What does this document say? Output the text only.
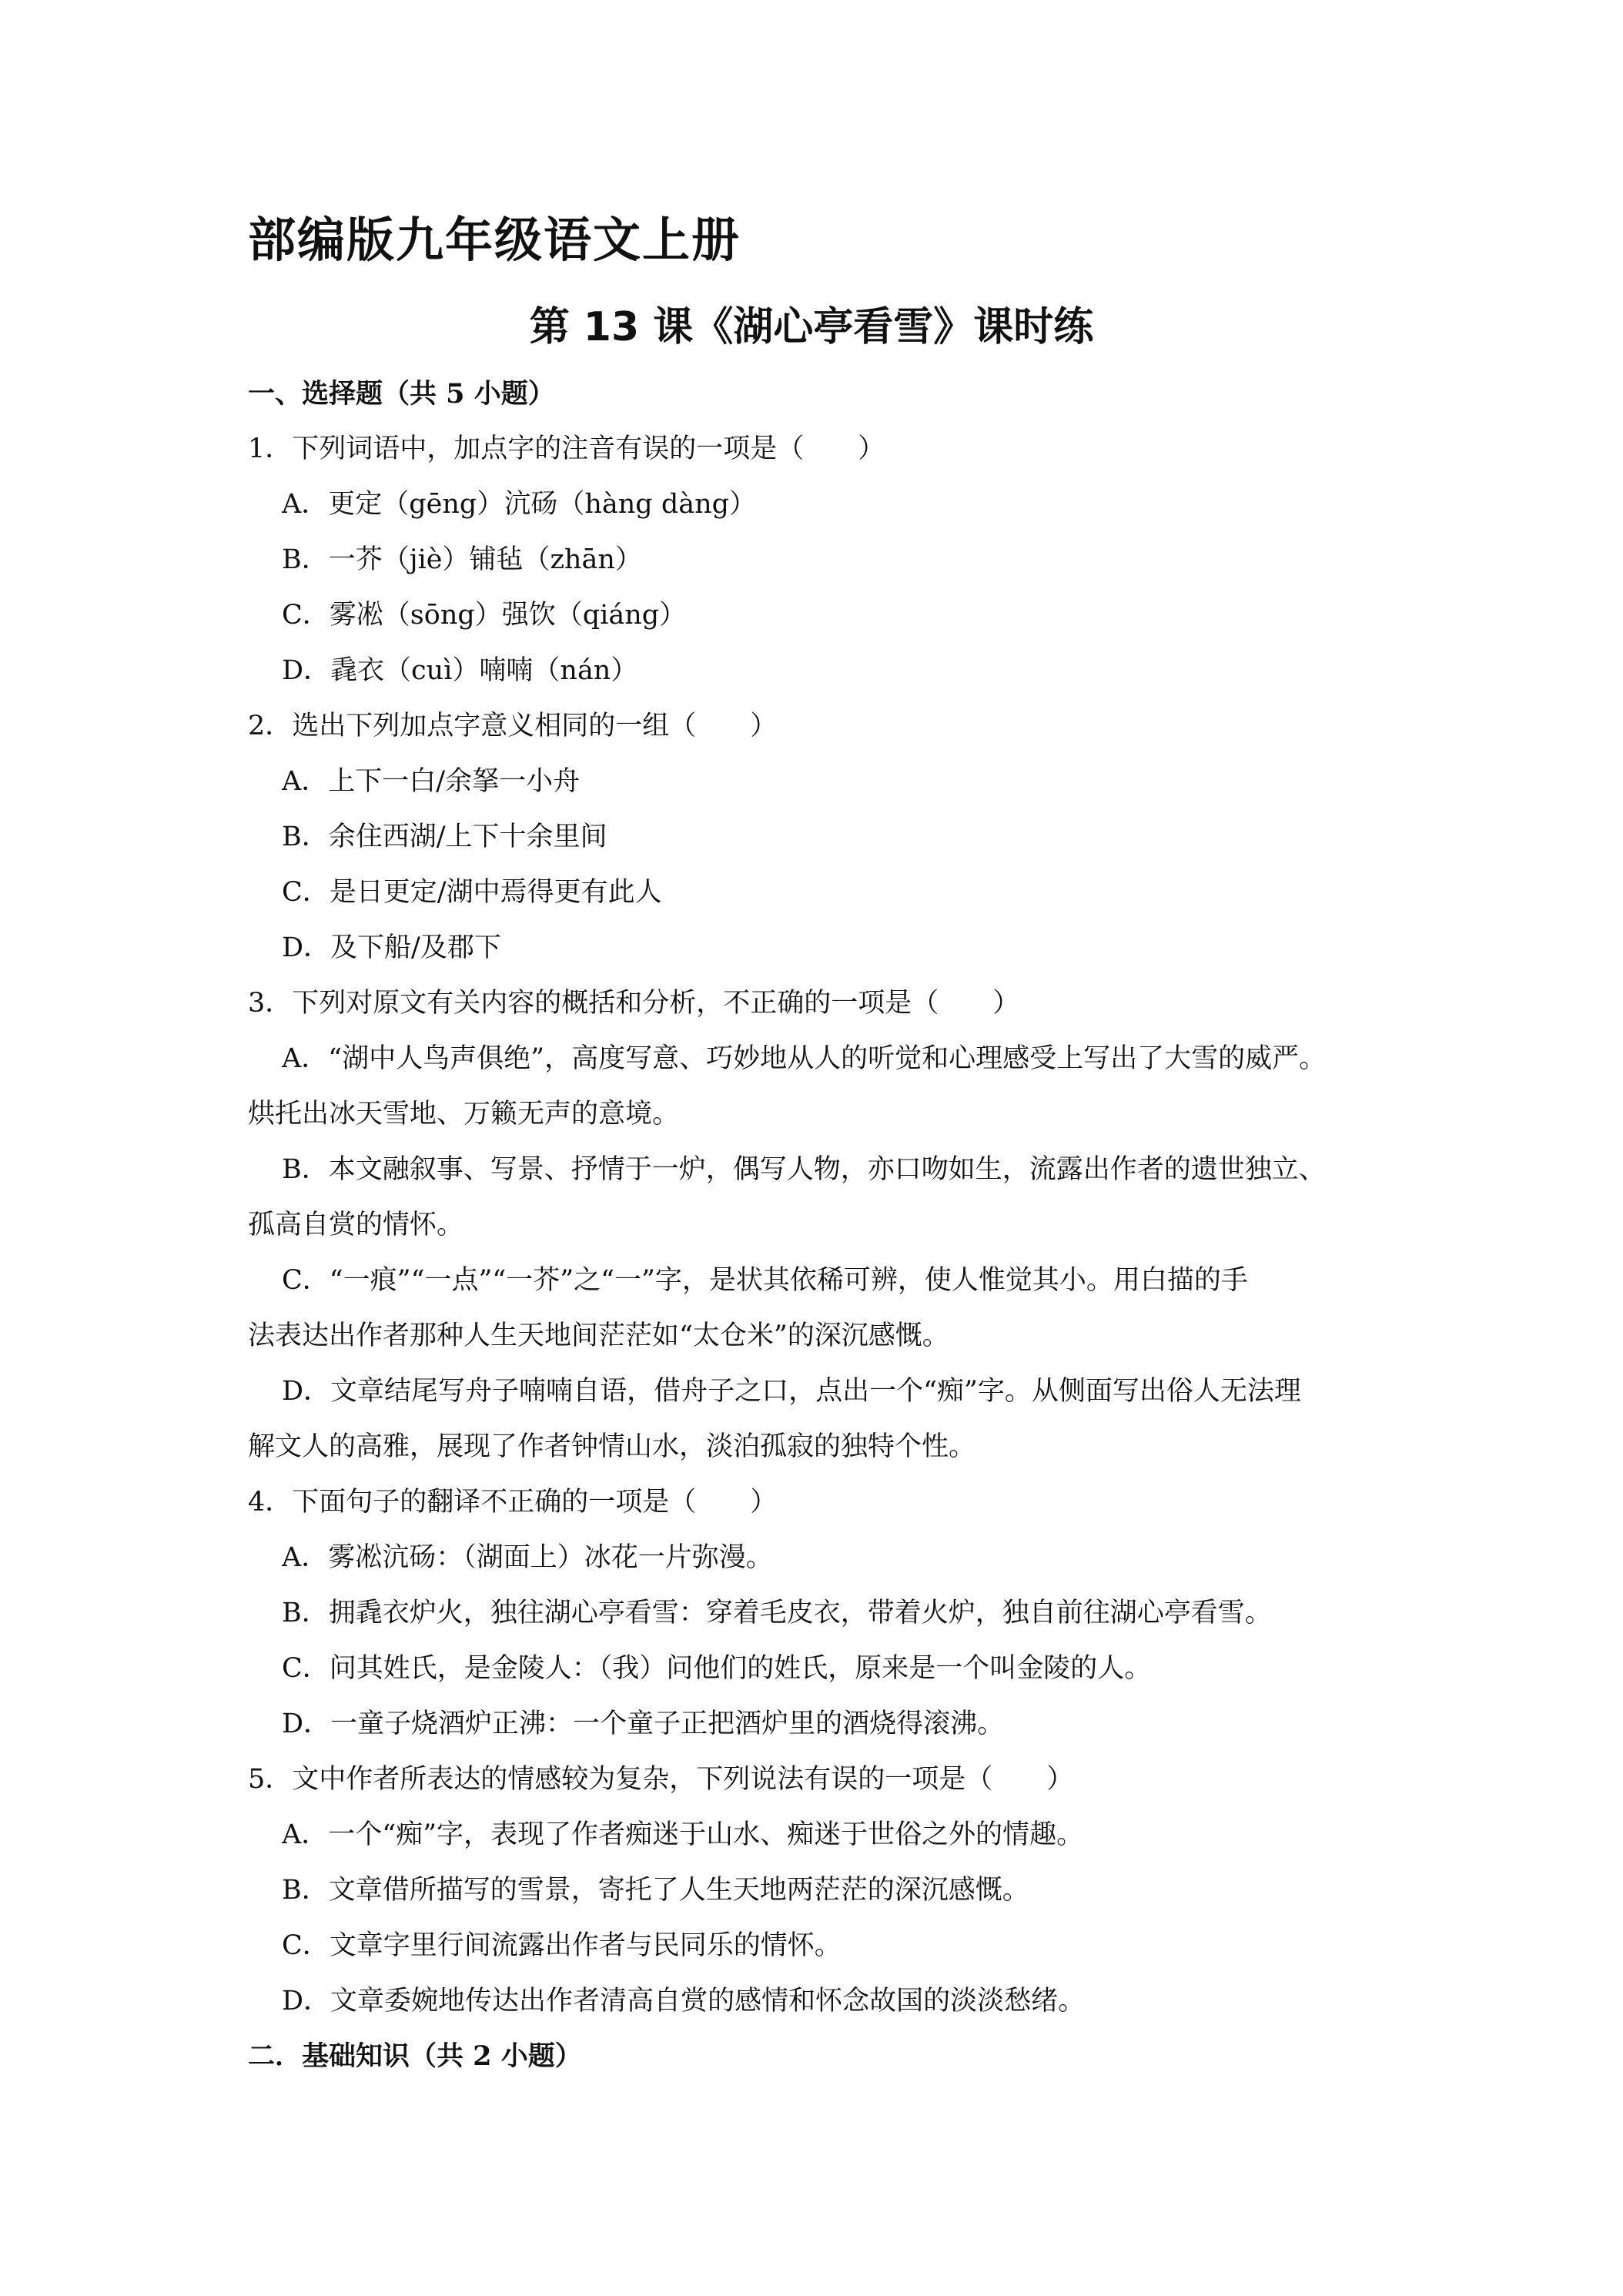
部编版九年级语文上册
第 13 课《湖心亭看雪》课时练
一、选择题（共 5 小题）
1．下列词语中，加点字的注音有误的一项是（　　）
A．更定（gēng）沆砀（hàng dàng）
B．一芥（jiè）铺毡（zhān）
C．雾凇（sōng）强饮（qiáng）
D．毳衣（cuì）喃喃（nán）
2．选出下列加点字意义相同的一组（　　）
A．上下一白/余拏一小舟
B．余住西湖/上下十余里间
C．是日更定/湖中焉得更有此人
D．及下船/及郡下
3．下列对原文有关内容的概括和分析，不正确的一项是（　　）
A．“湖中人鸟声俱绝”，高度写意、巧妙地从人的听觉和心理感受上写出了大雪的威严。
烘托出冰天雪地、万籁无声的意境。
B．本文融叙事、写景、抒情于一炉，偶写人物，亦口吻如生，流露出作者的遗世独立、
孤高自赏的情怀。
C．“一痕”“一点”“一芥”之“一”字，是状其依稀可辨，使人惟觉其小。用白描的手
法表达出作者那种人生天地间茫茫如“太仓米”的深沉感慨。
D．文章结尾写舟子喃喃自语，借舟子之口，点出一个“痴”字。从侧面写出俗人无法理
解文人的高雅，展现了作者钟情山水，淡泊孤寂的独特个性。
4．下面句子的翻译不正确的一项是（　　）
A．雾凇沆砀：（湖面上）冰花一片弥漫。
B．拥毳衣炉火，独往湖心亭看雪：穿着毛皮衣，带着火炉，独自前往湖心亭看雪。
C．问其姓氏，是金陵人：（我）问他们的姓氏，原来是一个叫金陵的人。
D．一童子烧酒炉正沸：一个童子正把酒炉里的酒烧得滚沸。
5．文中作者所表达的情感较为复杂，下列说法有误的一项是（　　）
A．一个“痴”字，表现了作者痴迷于山水、痴迷于世俗之外的情趣。
B．文章借所描写的雪景，寄托了人生天地两茫茫的深沉感慨。
C．文章字里行间流露出作者与民同乐的情怀。
D．文章委婉地传达出作者清高自赏的感情和怀念故国的淡淡愁绪。
二．基础知识（共 2 小题）
